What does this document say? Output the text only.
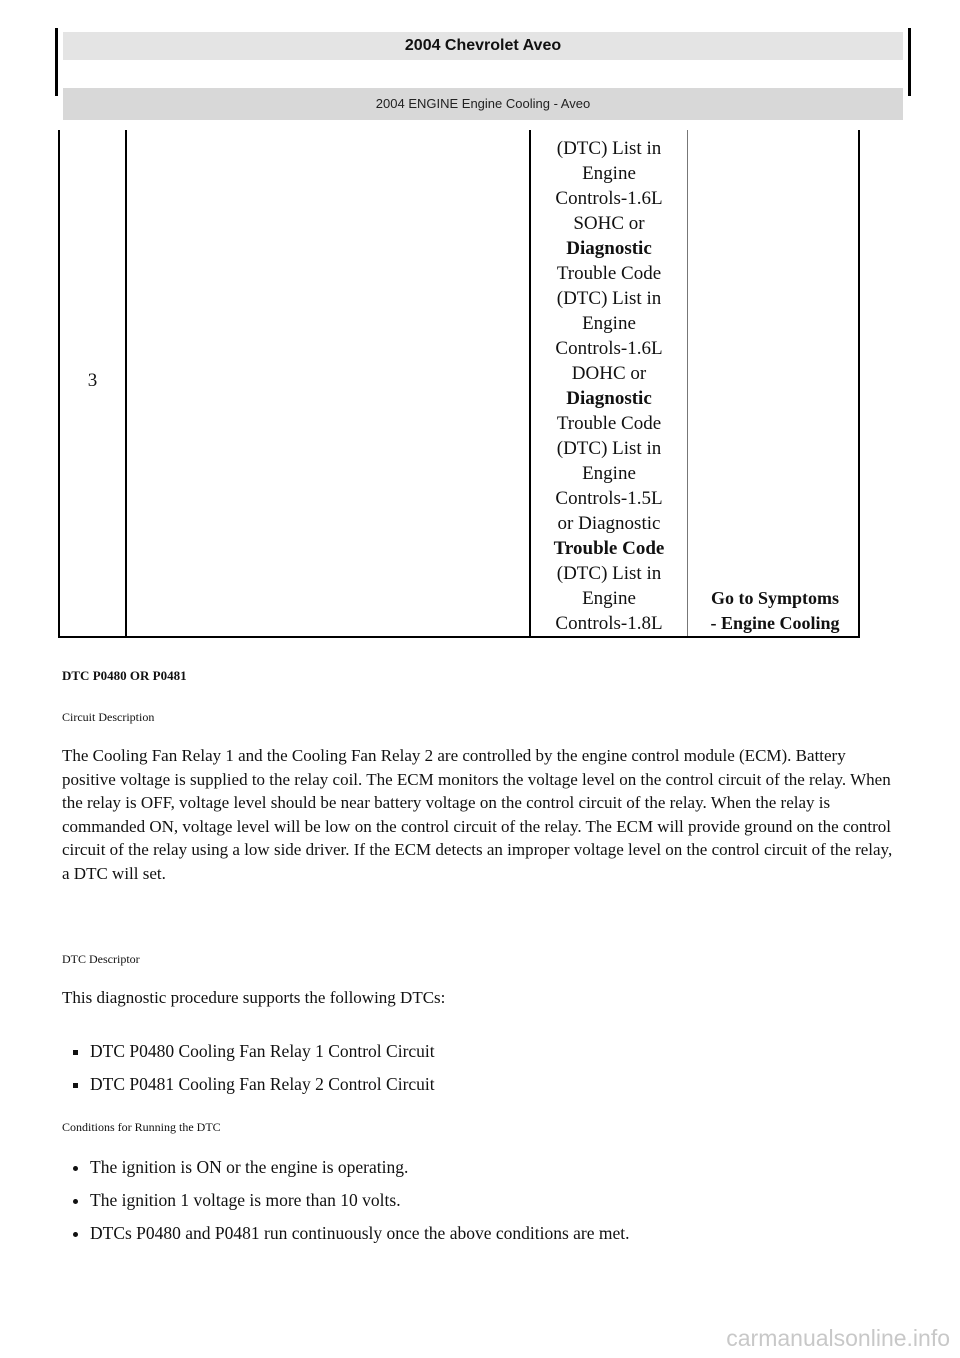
2004 Chevrolet Aveo
2004 ENGINE Engine Cooling - Aveo
3
(DTC) List in
Engine
Controls-1.6L
SOHC or
Diagnostic
Trouble Code
(DTC) List in
Engine
Controls-1.6L
DOHC or
Diagnostic
Trouble Code
(DTC) List in
Engine
Controls-1.5L
or Diagnostic
Trouble Code
(DTC) List in
Engine
Controls-1.8L
Go to Symptoms
- Engine Cooling
DTC P0480 OR P0481
Circuit Description

The Cooling Fan Relay 1 and the Cooling Fan Relay 2 are controlled by the engine control module (ECM). Battery positive voltage is supplied to the relay coil. The ECM monitors the voltage level on the control circuit of the relay. When the relay is OFF, voltage level should be near battery voltage on the control circuit of the relay. When the relay is commanded ON, voltage level will be low on the control circuit of the relay. The ECM will provide ground on the control circuit of the relay using a low side driver. If the ECM detects an improper voltage level on the control circuit of the relay, a DTC will set.

DTC Descriptor

This diagnostic procedure supports the following DTCs:

▪ DTC P0480 Cooling Fan Relay 1 Control Circuit
▪ DTC P0481 Cooling Fan Relay 2 Control Circuit
Conditions for Running the DTC
• The ignition is ON or the engine is operating.
• The ignition 1 voltage is more than 10 volts.
• DTCs P0480 and P0481 run continuously once the above conditions are met.
carmanualsonline.info
